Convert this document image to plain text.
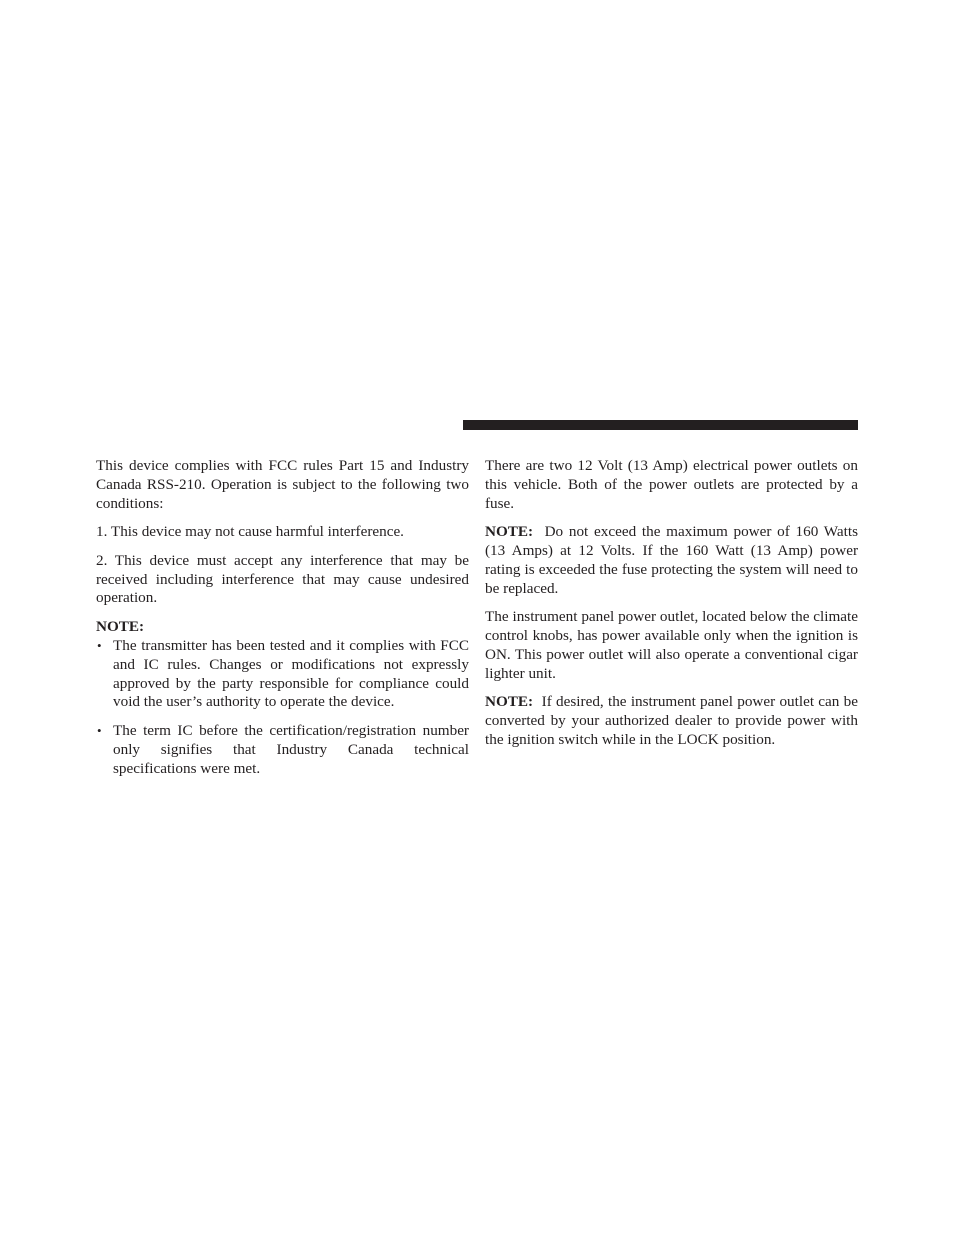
This device complies with FCC rules Part 15 and Industry Canada RSS-210. Operation is subject to the following two conditions:

1. This device may not cause harmful interference.

2. This device must accept any interference that may be received including interference that may cause undesired operation.

NOTE:

• The transmitter has been tested and it complies with FCC and IC rules. Changes or modifications not expressly approved by the party responsible for compliance could void the user’s authority to operate the device.
• The term IC before the certification/registration number only signifies that Industry Canada technical specifications were met.

There are two 12 Volt (13 Amp) electrical power outlets on this vehicle. Both of the power outlets are protected by a fuse.

NOTE: Do not exceed the maximum power of 160 Watts (13 Amps) at 12 Volts. If the 160 Watt (13 Amp) power rating is exceeded the fuse protecting the system will need to be replaced.

The instrument panel power outlet, located below the climate control knobs, has power available only when the ignition is ON. This power outlet will also operate a conventional cigar lighter unit.

NOTE: If desired, the instrument panel power outlet can be converted by your authorized dealer to provide power with the ignition switch while in the LOCK position.
